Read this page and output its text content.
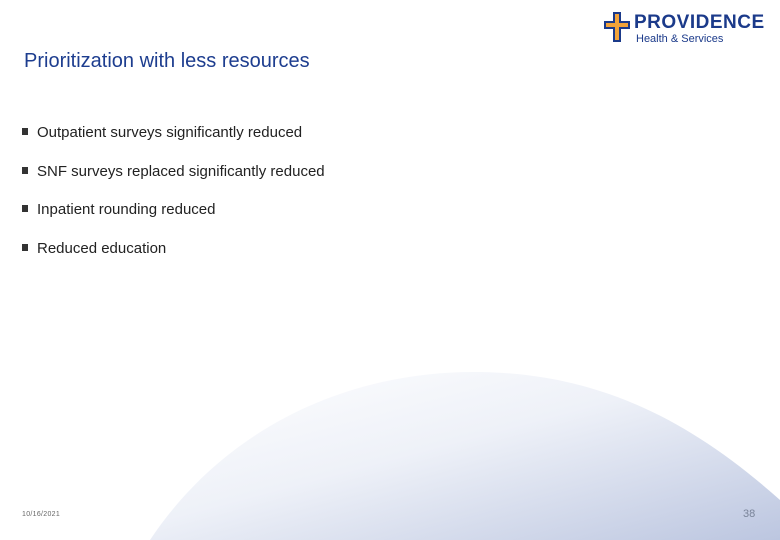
PROVIDENCE
Health & Services
Prioritization with less resources
Outpatient surveys significantly reduced
SNF surveys replaced significantly reduced
Inpatient rounding reduced
Reduced education
10/16/2021	38
